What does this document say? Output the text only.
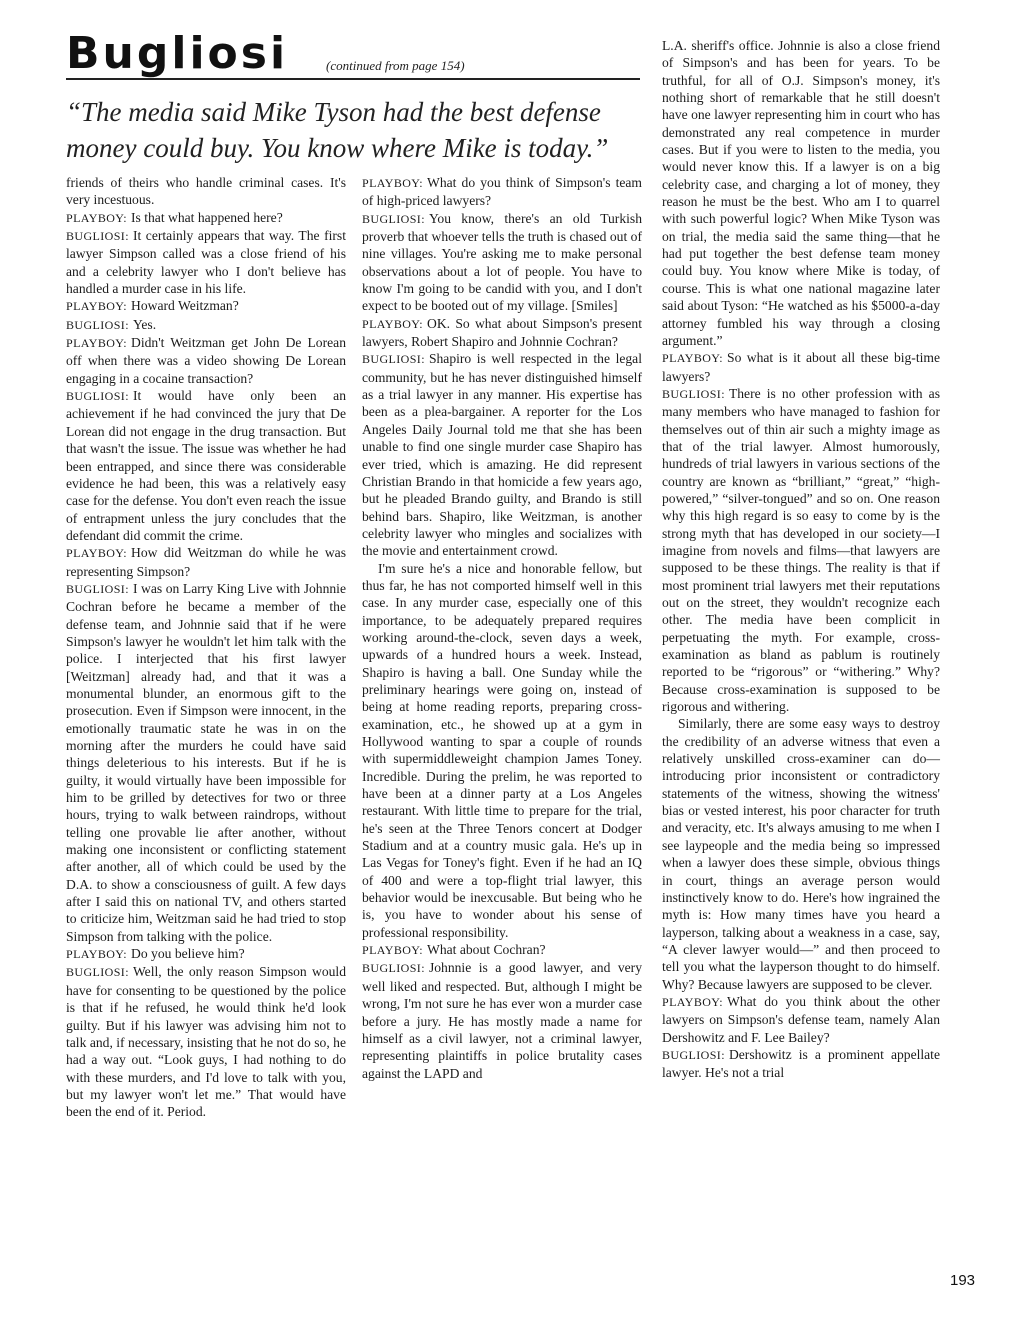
Bugliosi	(continued from page 154)
“The media said Mike Tyson had the best defense money could buy. You know where Mike is today.”

friends of theirs who handle criminal cases. It's very incestuous.

PLAYBOY: Is that what happened here?

BUGLIOSI: It certainly appears that way. The first lawyer Simpson called was a close friend of his and a celebrity lawyer who I don't believe has handled a murder case in his life.

PLAYBOY: Howard Weitzman?

BUGLIOSI: Yes.

PLAYBOY: Didn't Weitzman get John De Lorean off when there was a video showing De Lorean engaging in a cocaine transaction?

BUGLIOSI: It would have only been an achievement if he had convinced the jury that De Lorean did not engage in the drug transaction. But that wasn't the issue. The issue was whether he had been entrapped, and since there was considerable evidence he had been, this was a relatively easy case for the defense. You don't even reach the issue of entrapment unless the jury concludes that the defendant did commit the crime.

PLAYBOY: How did Weitzman do while he was representing Simpson?

BUGLIOSI: I was on Larry King Live with Johnnie Cochran before he became a member of the defense team, and Johnnie said that if he were Simpson's lawyer he wouldn't let him talk with the police. I interjected that his first lawyer [Weitzman] already had, and that it was a monumental blunder, an enormous gift to the prosecution. Even if Simpson were innocent, in the emotionally traumatic state he was in on the morning after the murders he could have said things deleterious to his interests. But if he is guilty, it would virtually have been impossible for him to be grilled by detectives for two or three hours, trying to walk between raindrops, without telling one provable lie after another, without making one inconsistent or conflicting statement after another, all of which could be used by the D.A. to show a consciousness of guilt. A few days after I said this on national TV, and others started to criticize him, Weitzman said he had tried to stop Simpson from talking with the police.

PLAYBOY: Do you believe him?

BUGLIOSI: Well, the only reason Simpson would have for consenting to be questioned by the police is that if he refused, he would think he'd look guilty. But if his lawyer was advising him not to talk and, if necessary, insisting that he not do so, he had a way out. “Look guys, I had nothing to do with these murders, and I'd love to talk with you, but my lawyer won't let me.” That would have been the end of it. Period.

PLAYBOY: What do you think of Simpson's team of high-priced lawyers?

BUGLIOSI: You know, there's an old Turkish proverb that whoever tells the truth is chased out of nine villages. You're asking me to make personal observations about a lot of people. You have to know I'm going to be candid with you, and I don't expect to be booted out of my village. [Smiles]

PLAYBOY: OK. So what about Simpson's present lawyers, Robert Shapiro and Johnnie Cochran?

BUGLIOSI: Shapiro is well respected in the legal community, but he has never distinguished himself as a trial lawyer in any manner. His expertise has been as a plea-bargainer. A reporter for the Los Angeles Daily Journal told me that she has been unable to find one single murder case Shapiro has ever tried, which is amazing. He did represent Christian Brando in that homicide a few years ago, but he pleaded Brando guilty, and Brando is still behind bars. Shapiro, like Weitzman, is another celebrity lawyer who mingles and socializes with the movie and entertainment crowd.

I'm sure he's a nice and honorable fellow, but thus far, he has not comported himself well in this case. In any murder case, especially one of this importance, to be adequately prepared requires working around-the-clock, seven days a week, upwards of a hundred hours a week. Instead, Shapiro is having a ball. One Sunday while the preliminary hearings were going on, instead of being at home reading reports, preparing cross-examination, etc., he showed up at a gym in Hollywood wanting to spar a couple of rounds with supermiddleweight champion James Toney. Incredible. During the prelim, he was reported to have been at a dinner party at a Los Angeles restaurant. With little time to prepare for the trial, he's seen at the Three Tenors concert at Dodger Stadium and at a country music gala. He's up in Las Vegas for Toney's fight. Even if he had an IQ of 400 and were a top-flight trial lawyer, this behavior would be inexcusable. But being who he is, you have to wonder about his sense of professional responsibility.

PLAYBOY: What about Cochran?

BUGLIOSI: Johnnie is a good lawyer, and very well liked and respected. But, although I might be wrong, I'm not sure he has ever won a murder case before a jury. He has mostly made a name for himself as a civil lawyer, not a criminal lawyer, representing plaintiffs in police brutality cases against the LAPD and

L.A. sheriff's office. Johnnie is also a close friend of Simpson's and has been for years. To be truthful, for all of O.J. Simpson's money, it's nothing short of remarkable that he still doesn't have one lawyer representing him in court who has demonstrated any real competence in murder cases. But if you were to listen to the media, you would never know this. If a lawyer is on a big celebrity case, and charging a lot of money, they reason he must be the best. Who am I to quarrel with such powerful logic? When Mike Tyson was on trial, the media said the same thing—that he had put together the best defense team money could buy. You know where Mike is today, of course. This is what one national magazine later said about Tyson: “He watched as his $5000-a-day attorney fumbled his way through a closing argument.”

PLAYBOY: So what is it about all these big-time lawyers?

BUGLIOSI: There is no other profession with as many members who have managed to fashion for themselves out of thin air such a mighty image as that of the trial lawyer. Almost humorously, hundreds of trial lawyers in various sections of the country are known as “brilliant,” “great,” “high-powered,” “silver-tongued” and so on. One reason why this high regard is so easy to come by is the strong myth that has developed in our society—I imagine from novels and films—that lawyers are supposed to be these things. The reality is that if most prominent trial lawyers met their reputations out on the street, they wouldn't recognize each other. The media have been complicit in perpetuating the myth. For example, cross-examination as bland as pablum is routinely reported to be “rigorous” or “withering.” Why? Because cross-examination is supposed to be rigorous and withering.

Similarly, there are some easy ways to destroy the credibility of an adverse witness that even a relatively unskilled cross-examiner can do—introducing prior inconsistent or contradictory statements of the witness, showing the witness' bias or vested interest, his poor character for truth and veracity, etc. It's always amusing to me when I see laypeople and the media being so impressed when a lawyer does these simple, obvious things in court, things an average person would instinctively know to do. Here's how ingrained the myth is: How many times have you heard a layperson, talking about a weakness in a case, say, “A clever lawyer would—” and then proceed to tell you what the layperson thought to do himself. Why? Because lawyers are supposed to be clever.

PLAYBOY: What do you think about the other lawyers on Simpson's defense team, namely Alan Dershowitz and F. Lee Bailey?

BUGLIOSI: Dershowitz is a prominent appellate lawyer. He's not a trial

193
